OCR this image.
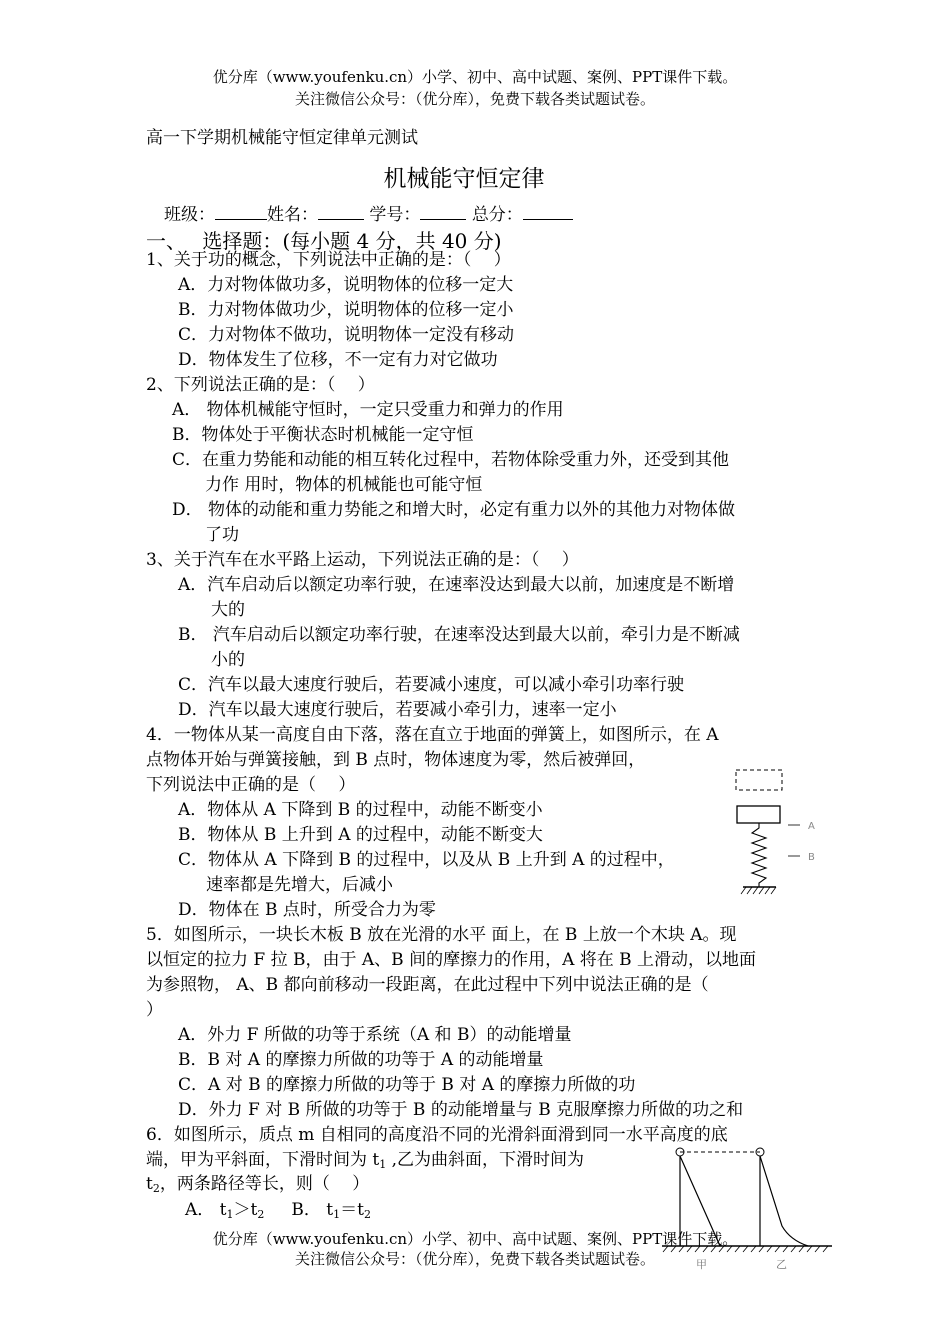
优分库（www.youfenku.cn）小学、初中、高中试题、案例、PPT课件下载。
关注微信公众号：（优分库），免费下载各类试题试卷。
高一下学期机械能守恒定律单元测试
机械能守恒定律
班级：	姓名：	学号：	总分：
一、　 选择题：(每小题 4 分，共 40 分)
1、关于功的概念，下列说法中正确的是：（　 ）
A．力对物体做功多，说明物体的位移一定大
B．力对物体做功少，说明物体的位移一定小
C．力对物体不做功，说明物体一定没有移动
D．物体发生了位移，不一定有力对它做功
2、下列说法正确的是：（　 ）
A． 物体机械能守恒时，一定只受重力和弹力的作用
B．物体处于平衡状态时机械能一定守恒
C．在重力势能和动能的相互转化过程中，若物体除受重力外，还受到其他
力作 用时，物体的机械能也可能守恒
D． 物体的动能和重力势能之和增大时，必定有重力以外的其他力对物体做
了功
3、关于汽车在水平路上运动，下列说法正确的是：（　 ）
A．汽车启动后以额定功率行驶，在速率没达到最大以前，加速度是不断增
大的
B． 汽车启动后以额定功率行驶，在速率没达到最大以前，牵引力是不断减
小的
C．汽车以最大速度行驶后，若要减小速度，可以减小牵引功率行驶
D．汽车以最大速度行驶后，若要减小牵引力，速率一定小
4．一物体从某一高度自由下落，落在直立于地面的弹簧上，如图所示，在 A
点物体开始与弹簧接触，到 B 点时，物体速度为零，然后被弹回，
下列说法中正确的是（　 ）
A．物体从 A 下降到 B 的过程中，动能不断变小
B．物体从 B 上升到 A 的过程中，动能不断变大
C．物体从 A 下降到 B 的过程中，以及从 B 上升到 A 的过程中，
速率都是先增大，后减小
D．物体在 B 点时，所受合力为零
A
B
5．如图所示，一块长木板 B 放在光滑的水平 面上，在 B 上放一个木块 A。现
以恒定的拉力 F 拉 B，由于 A、B 间的摩擦力的作用，A 将在 B 上滑动，以地面
为参照物， A、B 都向前移动一段距离，在此过程中下列中说法正确的是（
）
A．外力 F 所做的功等于系统（A 和 B）的动能增量
B．B 对 A 的摩擦力所做的功等于 A 的动能增量
C．A 对 B 的摩擦力所做的功等于 B 对 A 的摩擦力所做的功
D．外力 F 对 B 所做的功等于 B 的动能增量与 B 克服摩擦力所做的功之和
6．如图所示，质点 m 自相同的高度沿不同的光滑斜面滑到同一水平高度的底
端，甲为平斜面，下滑时间为 $t_1$ ,乙为曲斜面，下滑时间为
$t_2$，两条路径等长，则（　 ）
A． $t_1>t_2$ B． $t_1=t_2$
甲	乙
优分库（www.youfenku.cn）小学、初中、高中试题、案例、PPT课件下载。
关注微信公众号：（优分库），免费下载各类试题试卷。
